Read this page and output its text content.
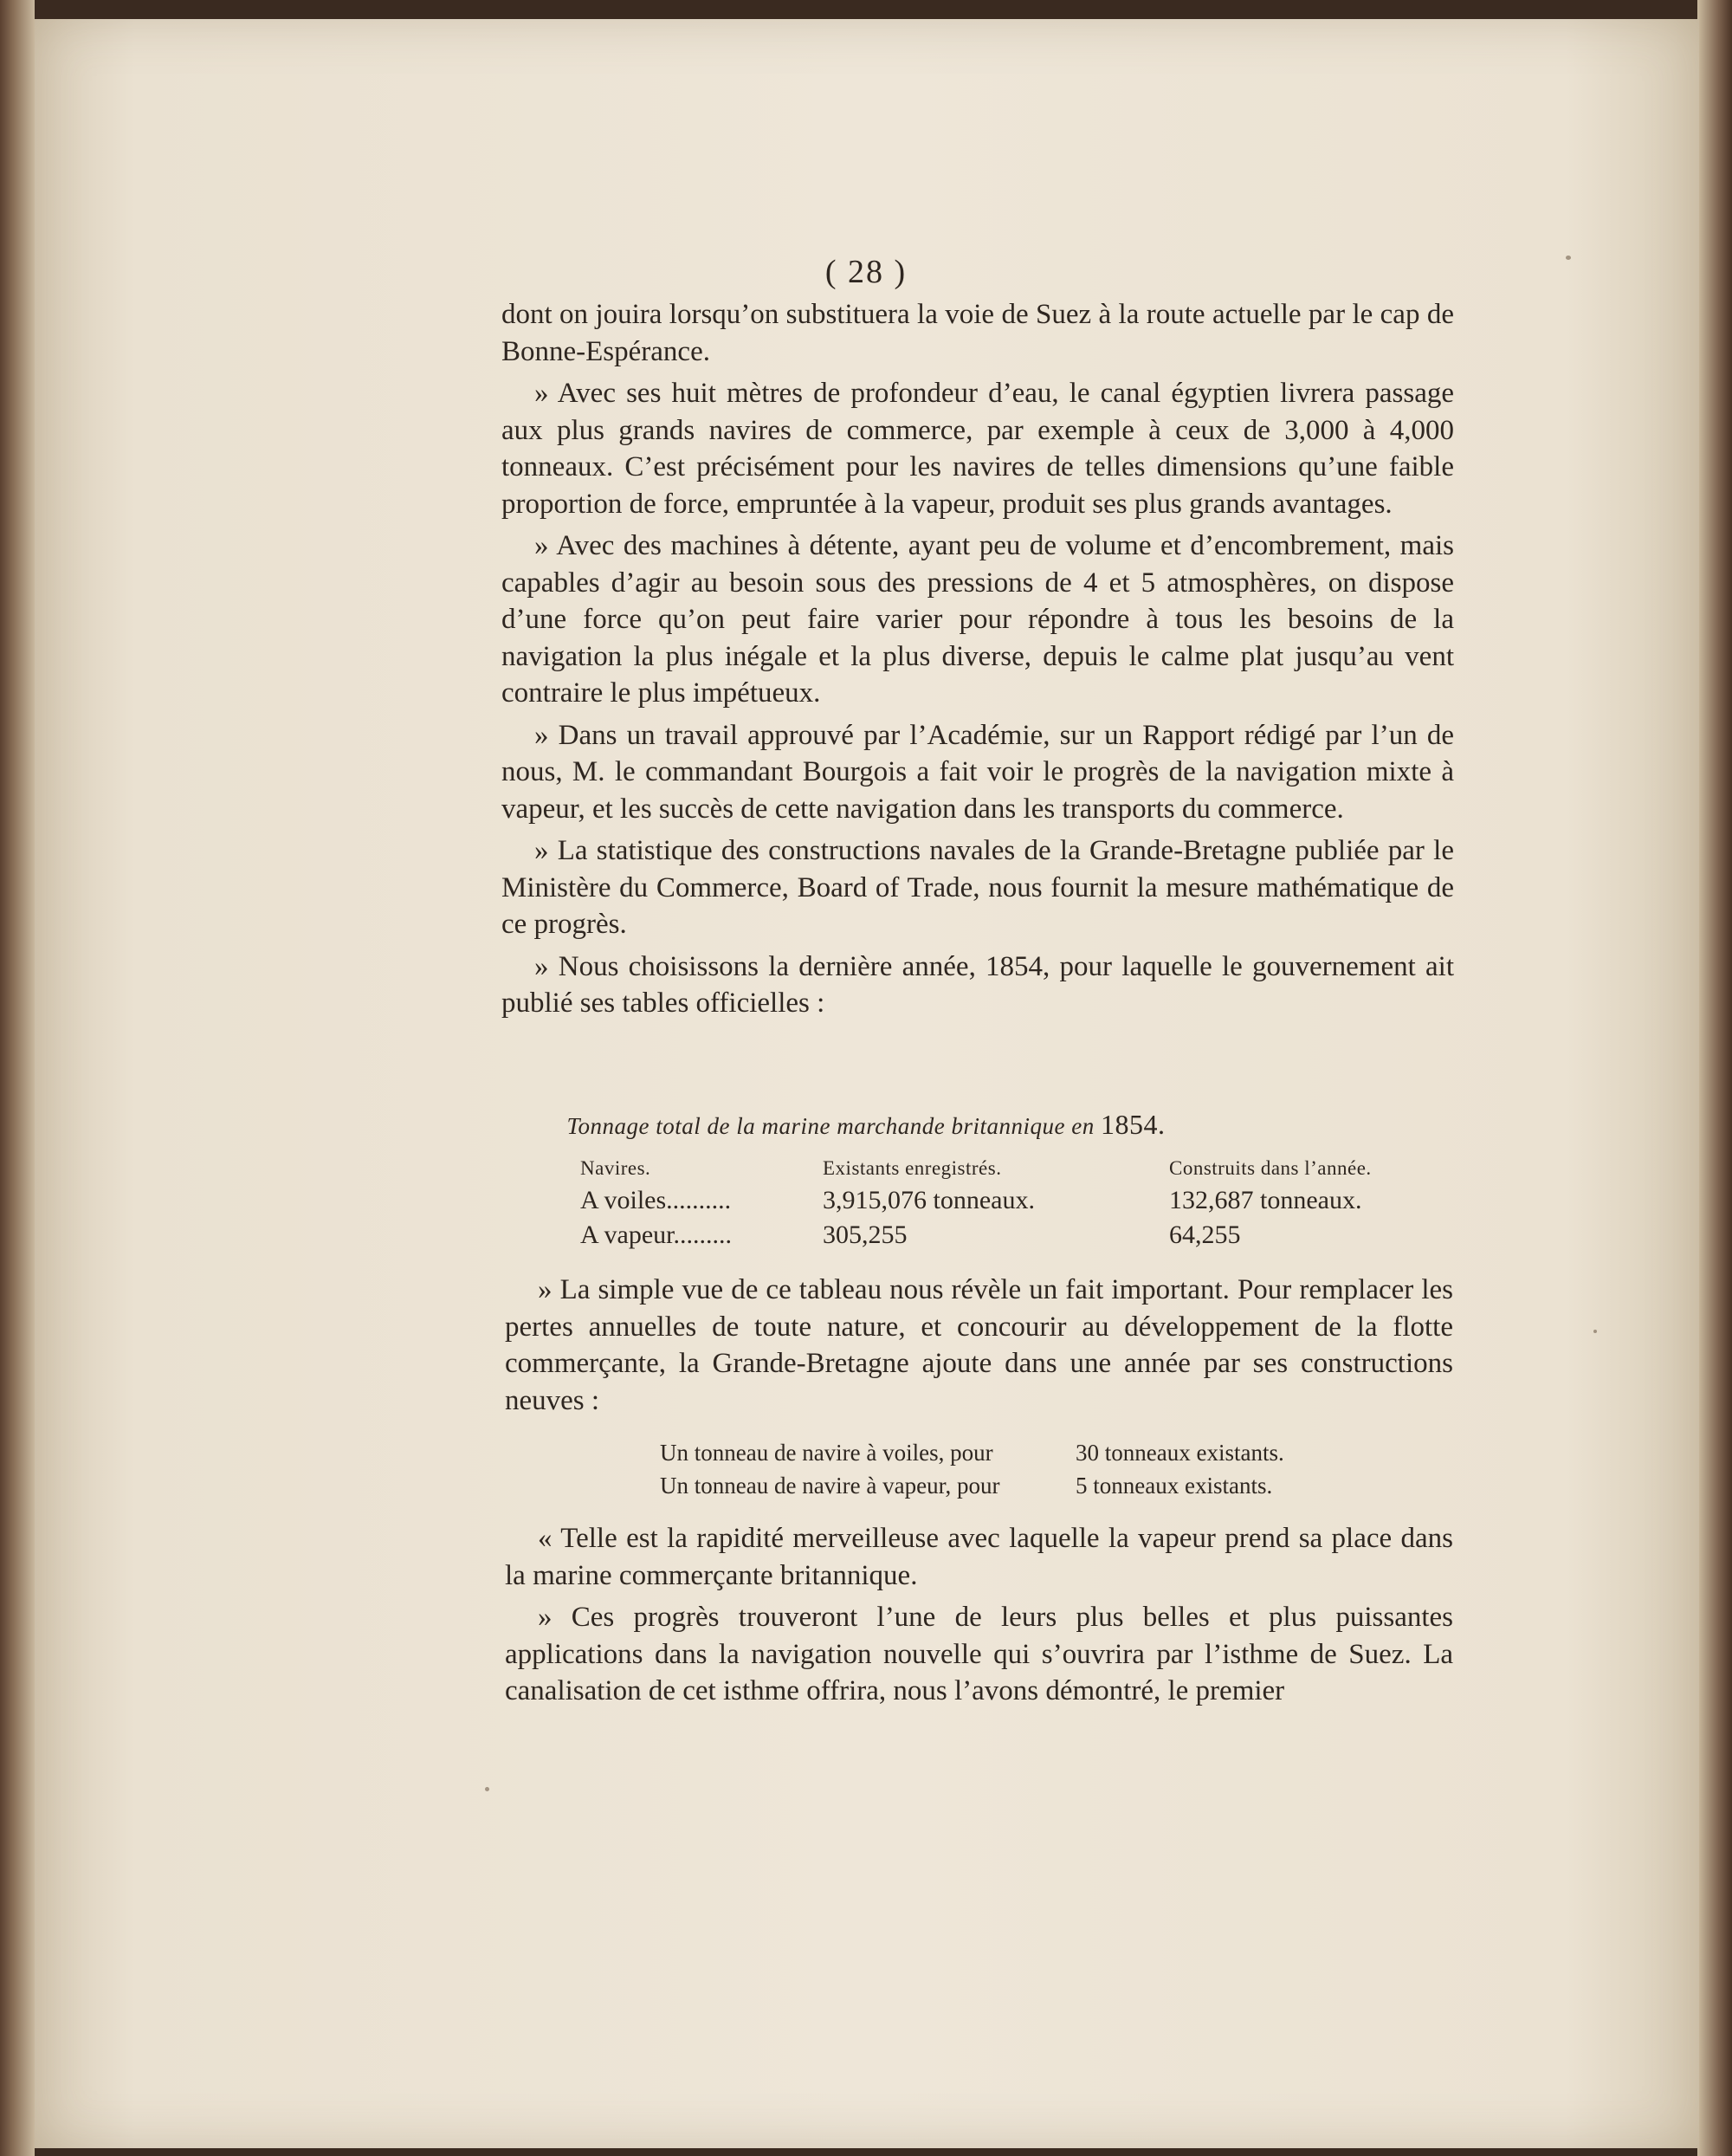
( 28 )

dont on jouira lorsqu’on substituera la voie de Suez à la route actuelle par le cap de Bonne-Espérance.

» Avec ses huit mètres de profondeur d’eau, le canal égyptien livrera passage aux plus grands navires de commerce, par exemple à ceux de 3,000 à 4,000 tonneaux. C’est précisément pour les navires de telles dimensions qu’une faible proportion de force, empruntée à la vapeur, produit ses plus grands avantages.

» Avec des machines à détente, ayant peu de volume et d’encombrement, mais capables d’agir au besoin sous des pressions de 4 et 5 atmosphères, on dispose d’une force qu’on peut faire varier pour répondre à tous les besoins de la navigation la plus inégale et la plus diverse, depuis le calme plat jusqu’au vent contraire le plus impétueux.

» Dans un travail approuvé par l’Académie, sur un Rapport rédigé par l’un de nous, M. le commandant Bourgois a fait voir le progrès de la navigation mixte à vapeur, et les succès de cette navigation dans les transports du commerce.

» La statistique des constructions navales de la Grande-Bretagne publiée par le Ministère du Commerce, Board of Trade, nous fournit la mesure mathématique de ce progrès.

» Nous choisissons la dernière année, 1854, pour laquelle le gouvernement ait publié ses tables officielles :

Tonnage total de la marine marchande britannique en 1854.
Navires.	Existants enregistrés.	Construits dans l’année.
A voiles..........	3,915,076 tonneaux.	132,687 tonneaux.
A vapeur.........	305,255	64,255

» La simple vue de ce tableau nous révèle un fait important. Pour remplacer les pertes annuelles de toute nature, et concourir au développement de la flotte commerçante, la Grande-Bretagne ajoute dans une année par ses constructions neuves :

Un tonneau de navire à voiles, pour	30 tonneaux existants.
Un tonneau de navire à vapeur, pour	5 tonneaux existants.

« Telle est la rapidité merveilleuse avec laquelle la vapeur prend sa place dans la marine commerçante britannique.

» Ces progrès trouveront l’une de leurs plus belles et plus puissantes applications dans la navigation nouvelle qui s’ouvrira par l’isthme de Suez. La canalisation de cet isthme offrira, nous l’avons démontré, le premier
